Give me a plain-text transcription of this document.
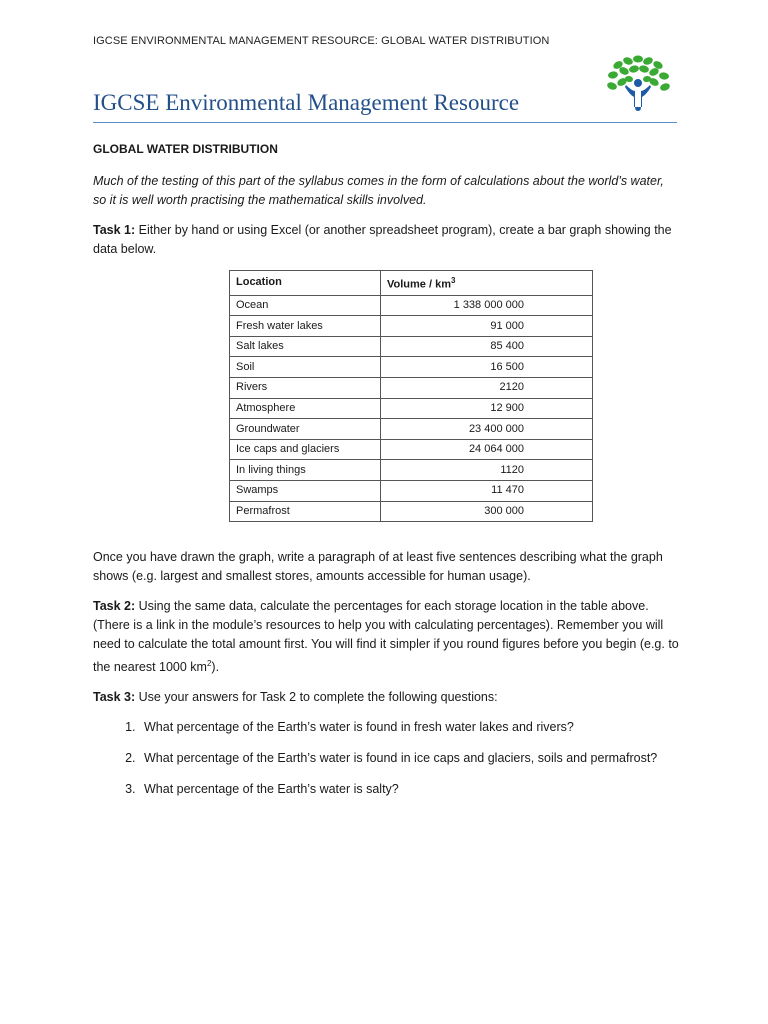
IGCSE ENVIRONMENTAL MANAGEMENT RESOURCE: GLOBAL WATER DISTRIBUTION
IGCSE Environmental Management Resource
GLOBAL WATER DISTRIBUTION

Much of the testing of this part of the syllabus comes in the form of calculations about the world’s water, so it is well worth practising the mathematical skills involved.

Task 1: Either by hand or using Excel (or another spreadsheet program), create a bar graph showing the data below.

Location	Volume / $km^3$
Ocean	1 338 000 000
Fresh water lakes	91 000
Salt lakes	85 400
Soil	16 500
Rivers	2120
Atmosphere	12 900
Groundwater	23 400 000
Ice caps and glaciers	24 064 000
In living things	1120
Swamps	11 470
Permafrost	300 000

Once you have drawn the graph, write a paragraph of at least five sentences describing what the graph shows (e.g. largest and smallest stores, amounts accessible for human usage).

Task 2: Using the same data, calculate the percentages for each storage location in the table above. (There is a link in the module’s resources to help you with calculating percentages). Remember you will need to calculate the total amount first. You will find it simpler if you round figures before you begin (e.g. to the nearest 1000 $km^2$).

Task 3: Use your answers for Task 2 to complete the following questions:

1. What percentage of the Earth’s water is found in fresh water lakes and rivers?
2. What percentage of the Earth’s water is found in ice caps and glaciers, soils and permafrost?
3. What percentage of the Earth’s water is salty?
